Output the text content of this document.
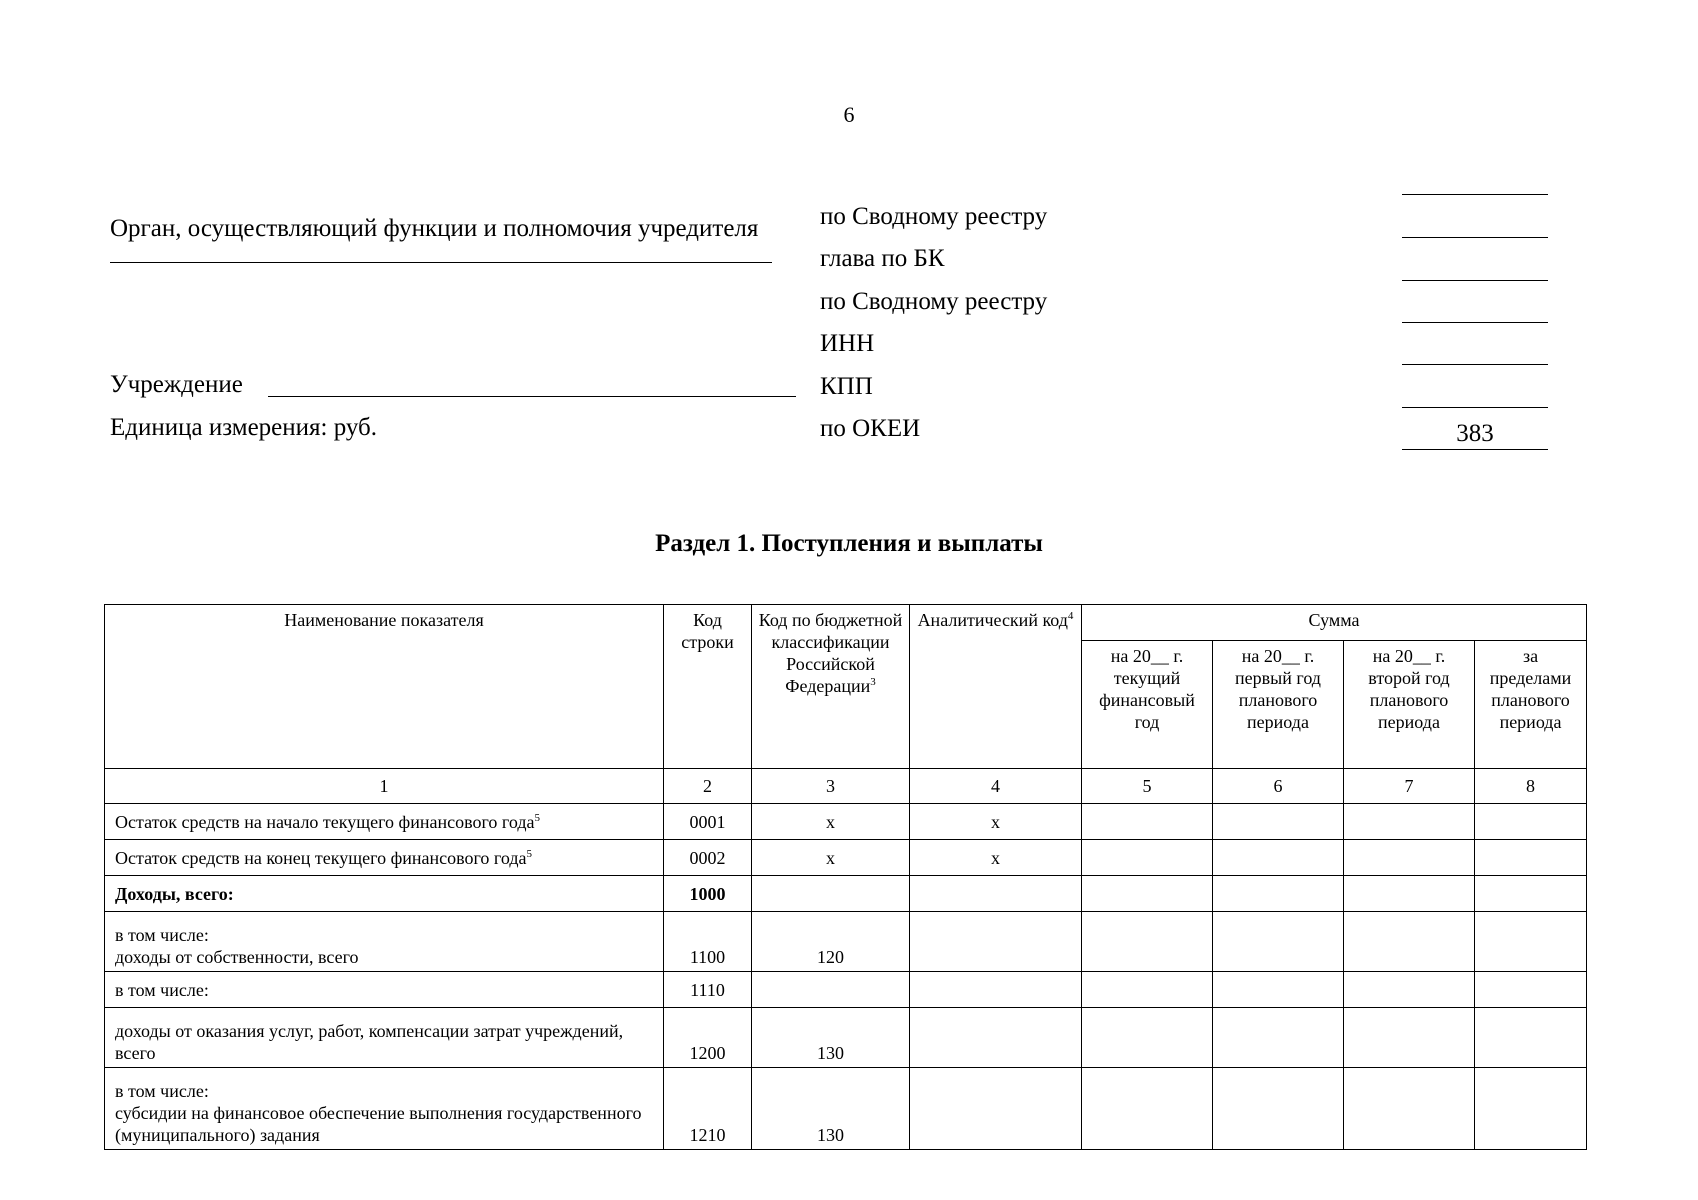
6
Орган, осуществляющий функции и полномочия учредителя
Учреждение
Единица измерения: руб.
по Сводному реестру
глава по БК
по Сводному реестру
ИНН
КПП
по ОКЕИ	383
Раздел 1. Поступления и выплаты
Наименование показателя	Код строки	Код по бюджетной классификации Российской Федерации$^3$	Аналитический код$^4$	Сумма			
				на 20__ г. текущий финансовый год	на 20__ г. первый год планового периода	на 20__ г. второй год планового периода	за пределами планового периода
1	2	3	4	5	6	7	8
Остаток средств на начало текущего финансового года$^5$	0001	х	х				
Остаток средств на конец текущего финансового года$^5$	0002	х	х				
Доходы, всего:	1000						

в том числе:
доходы от собственности, всего	1100	120					
в том числе:	1110						
доходы от оказания услуг, работ, компенсации затрат учреждений, всего	1200	130					

в том числе:
субсидии на финансовое обеспечение выполнения государственного (муниципального) задания	1210	130					
